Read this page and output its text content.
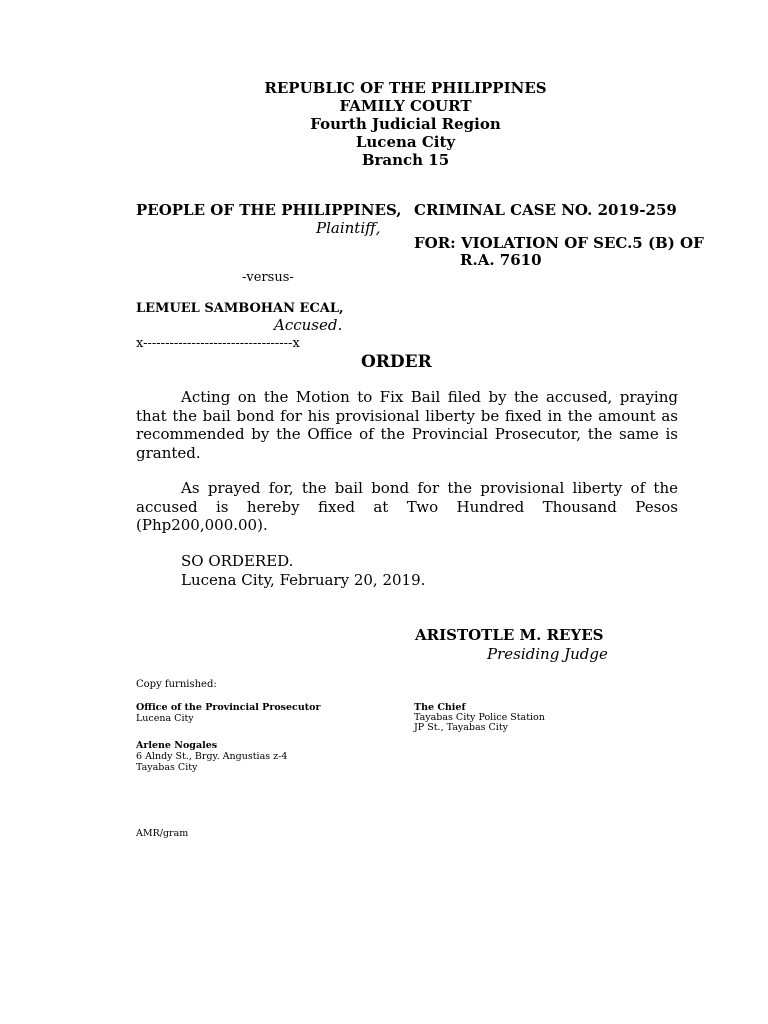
REPUBLIC OF THE PHILIPPINES
FAMILY COURT
Fourth Judicial Region
Lucena City
Branch 15
PEOPLE OF THE PHILIPPINES,
Plaintiff,
CRIMINAL CASE NO. 2019-259
FOR: VIOLATION OF SEC.5 (B) OF
R.A. 7610
-versus-
LEMUEL SAMBOHAN ECAL,
Accused.
x----------------------------------x
ORDER
Acting on the Motion to Fix Bail filed by the accused, praying that the bail bond for his provisional liberty be fixed in the amount as recommended by the Office of the Provincial Prosecutor, the same is granted.
As prayed for, the bail bond for the provisional liberty of the accused is hereby fixed at Two Hundred Thousand Pesos (Php200,000.00).
SO ORDERED.
Lucena City, February 20, 2019.
ARISTOTLE M. REYES
Presiding Judge
Copy furnished:
Office of the Provincial Prosecutor
Lucena City
The Chief
Tayabas City Police Station
JP St., Tayabas City
Arlene Nogales
6 Alndy St., Brgy. Angustias z-4
Tayabas City
AMR/gram
